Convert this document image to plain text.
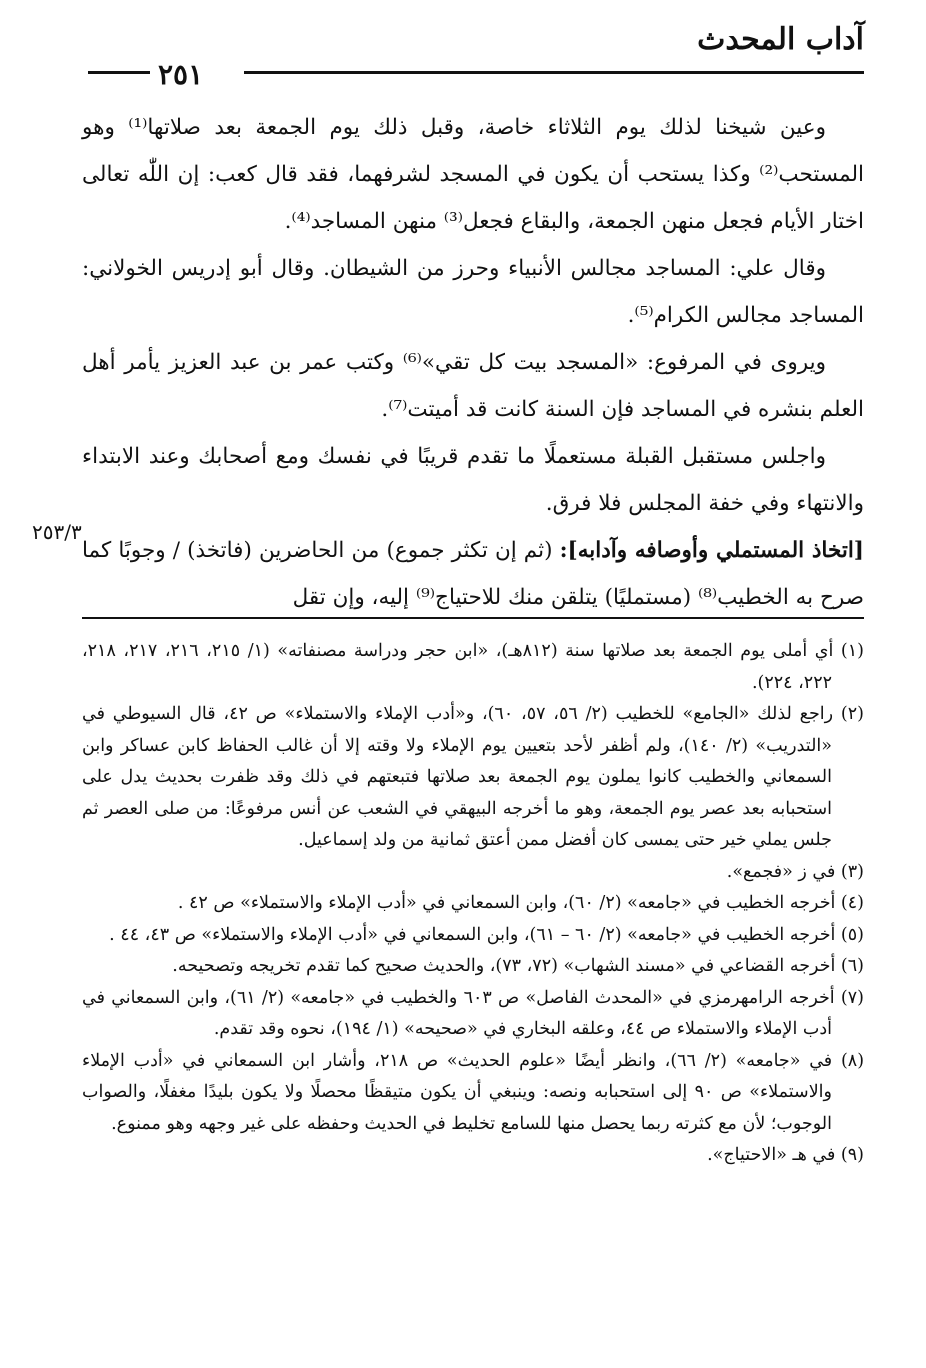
آداب المحدث
٢٥١

وعين شيخنا لذلك يوم الثلاثاء خاصة، وقبل ذلك يوم الجمعة بعد صلاتها⁽¹⁾ وهو المستحب⁽²⁾ وكذا يستحب أن يكون في المسجد لشرفهما، فقد قال كعب: إن اللّٰه تعالى اختار الأيام فجعل منهن الجمعة، والبقاع فجعل⁽³⁾ منهن المساجد⁽⁴⁾.

وقال علي: المساجد مجالس الأنبياء وحرز من الشيطان. وقال أبو إدريس الخولاني: المساجد مجالس الكرام⁽⁵⁾.

ويروى في المرفوع: «المسجد بيت كل تقي»⁽⁶⁾ وكتب عمر بن عبد العزيز يأمر أهل العلم بنشره في المساجد فإن السنة كانت قد أميتت⁽⁷⁾.

واجلس مستقبل القبلة مستعملًا ما تقدم قريبًا في نفسك ومع أصحابك وعند الابتداء والانتهاء وفي خفة المجلس فلا فرق.

[اتخاذ المستملي وأوصافه وآدابه]: (ثم إن تكثر جموع) من الحاضرين (فاتخذ) / وجوبًا كما صرح به الخطيب⁽⁸⁾ (مستمليًا) يتلقن منك للاحتياج⁽⁹⁾ إليه، وإن تقل

٢٥٣/٣

(١) أي أملى يوم الجمعة بعد صلاتها سنة (٨١٢هـ)، «ابن حجر ودراسة مصنفاته» (١/ ٢١٥، ٢١٦، ٢١٧، ٢١٨، ٢٢٢، ٢٢٤).

(٢) راجع لذلك «الجامع» للخطيب (٢/ ٥٦، ٥٧، ٦٠)، و«أدب الإملاء والاستملاء» ص ٤٢، قال السيوطي في «التدريب» (٢/ ١٤٠)، ولم أظفر لأحد بتعيين يوم الإملاء ولا وقته إلا أن غالب الحفاظ كابن عساكر وابن السمعاني والخطيب كانوا يملون يوم الجمعة بعد صلاتها فتبعتهم في ذلك وقد ظفرت بحديث يدل على استحبابه بعد عصر يوم الجمعة، وهو ما أخرجه البيهقي في الشعب عن أنس مرفوعًا: من صلى العصر ثم جلس يملي خير حتى يمسى كان أفضل ممن أعتق ثمانية من ولد إسماعيل.

(٣) في ز «فجمع».

(٤) أخرجه الخطيب في «جامعه» (٢/ ٦٠)، وابن السمعاني في «أدب الإملاء والاستملاء» ص ٤٢ .

(٥) أخرجه الخطيب في «جامعه» (٢/ ٦٠ – ٦١)، وابن السمعاني في «أدب الإملاء والاستملاء» ص ٤٣، ٤٤ .

(٦) أخرجه القضاعي في «مسند الشهاب» (٧٢، ٧٣)، والحديث صحيح كما تقدم تخريجه وتصحيحه.

(٧) أخرجه الرامهرمزي في «المحدث الفاصل» ص ٦٠٣ والخطيب في «جامعه» (٢/ ٦١)، وابن السمعاني في أدب الإملاء والاستملاء ص ٤٤، وعلقه البخاري في «صحيحه» (١/ ١٩٤)، نحوه وقد تقدم.

(٨) في «جامعه» (٢/ ٦٦)، وانظر أيضًا «علوم الحديث» ص ٢١٨، وأشار ابن السمعاني في «أدب الإملاء والاستملاء» ص ٩٠ إلى استحبابه ونصه: وينبغي أن يكون متيقظًا محصلًا ولا يكون بليدًا مغفلًا، والصواب الوجوب؛ لأن مع كثرته ربما يحصل منها للسامع تخليط في الحديث وحفظه على غير وجهه وهو ممنوع.

(٩) في هـ «الاحتياج».
